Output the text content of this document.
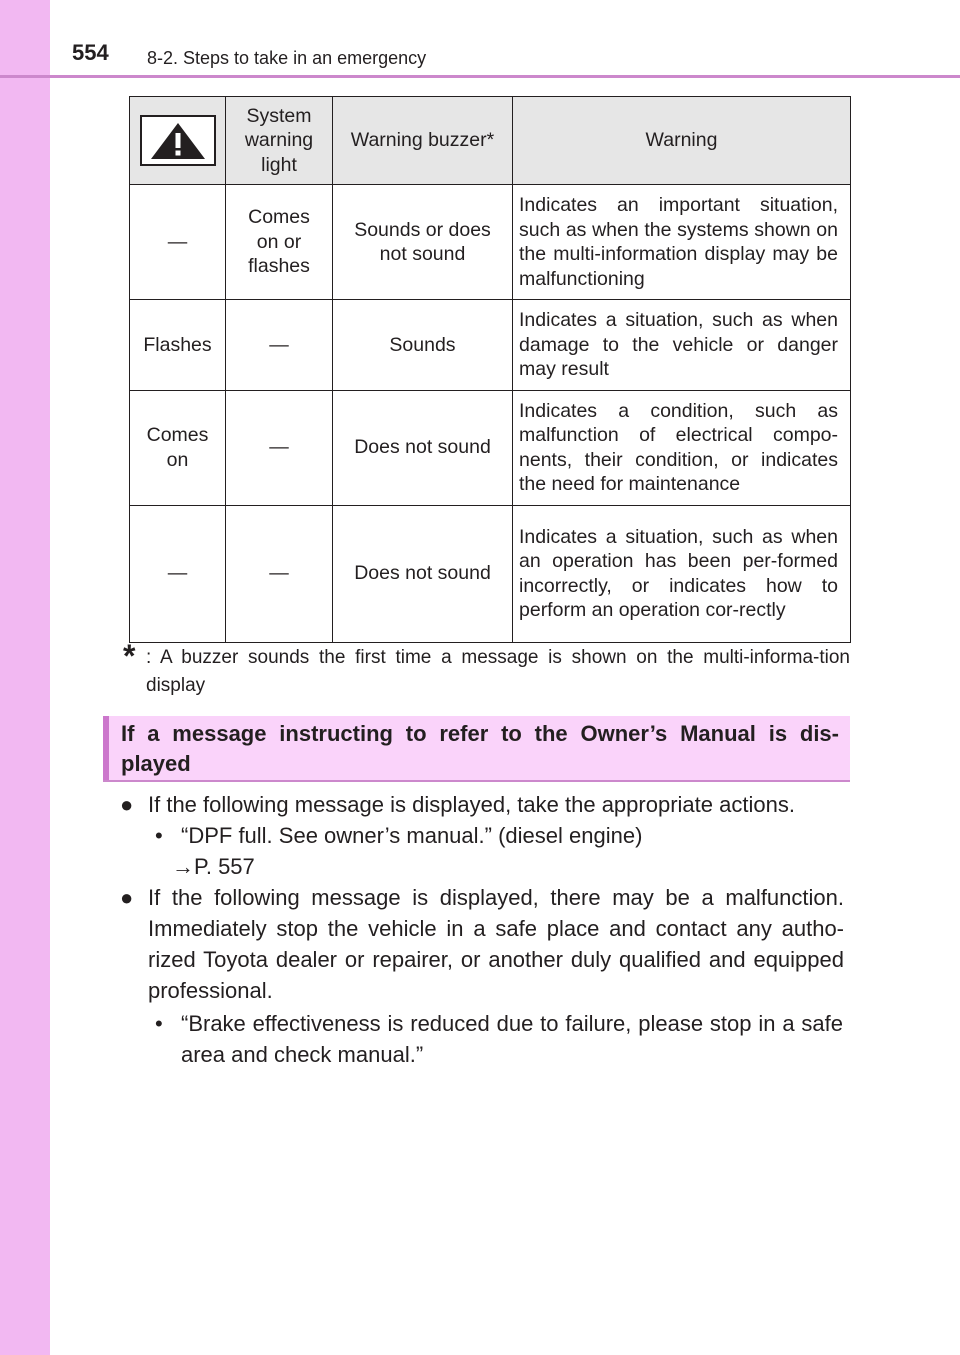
554 8-2. Steps to take in an emergency
	System warning light	Warning buzzer*	Warning
—	Comes on or flashes	Sounds or does not sound	Indicates an important situation, such as when the systems shown on the multi-information display may be malfunctioning
Flashes	—	Sounds	Indicates a situation, such as when damage to the vehicle or danger may result
Comes on	—	Does not sound	Indicates a condition, such as malfunction of electrical compo-nents, their condition, or indicates the need for maintenance
—	—	Does not sound	Indicates a situation, such as when an operation has been per-formed incorrectly, or indicates how to perform an operation cor-rectly
* : A buzzer sounds the first time a message is shown on the multi-informa-tion display
If a message instructing to refer to the Owner’s Manual is dis-played
● If the following message is displayed, take the appropriate actions.
• “DPF full. See owner’s manual.” (diesel engine)
→P. 557
● If the following message is displayed, there may be a malfunction. Immediately stop the vehicle in a safe place and contact any autho-rized Toyota dealer or repairer, or another duly qualified and equipped professional.
• “Brake effectiveness is reduced due to failure, please stop in a safe area and check manual.”
